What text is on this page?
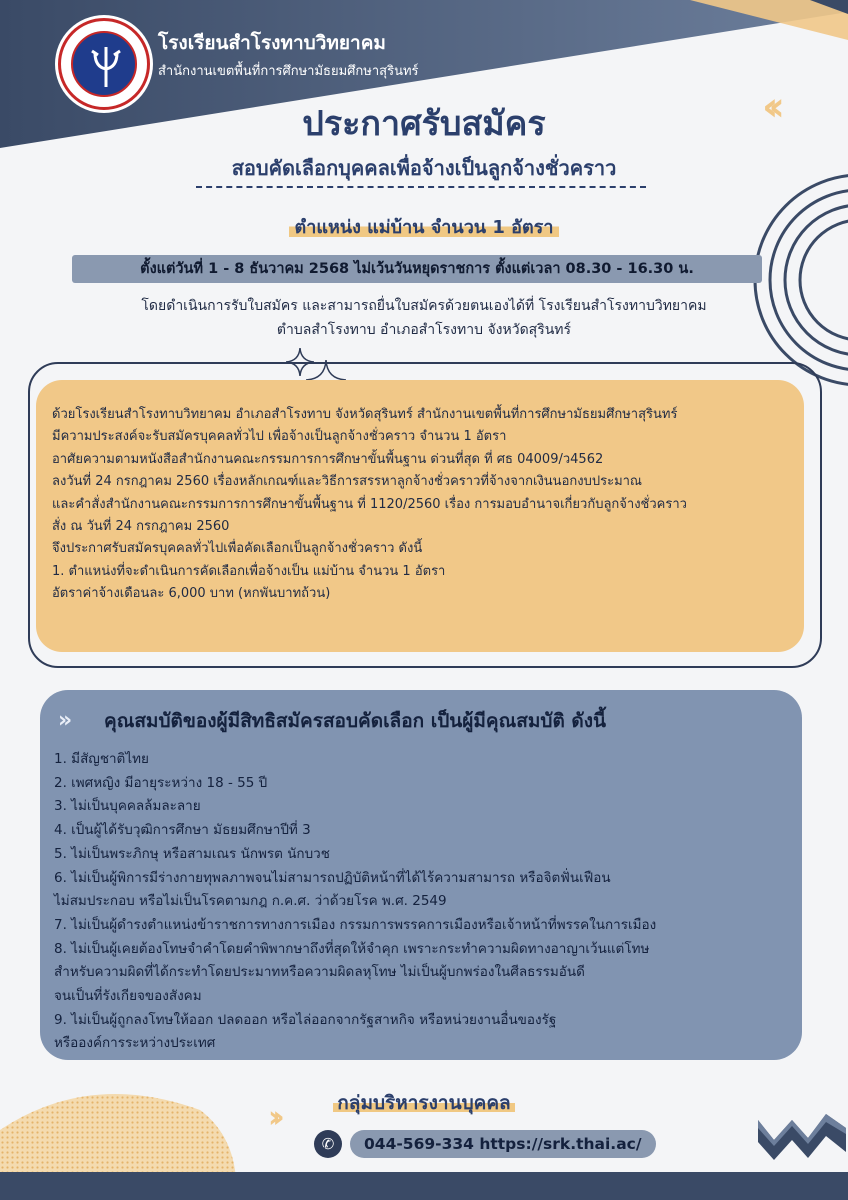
‹‹
โรงเรียนสำโรงทาบวิทยาคม
สำนักงานเขตพื้นที่การศึกษามัธยมศึกษาสุรินทร์
ประกาศรับสมัคร
สอบคัดเลือกบุคคลเพื่อจ้างเป็นลูกจ้างชั่วคราว
ตำแหน่ง แม่บ้าน จำนวน 1 อัตรา
ตั้งแต่วันที่ 1 - 8 ธันวาคม 2568 ไม่เว้นวันหยุดราชการ ตั้งแต่เวลา 08.30 - 16.30 น.
โดยดำเนินการรับใบสมัคร และสามารถยื่นใบสมัครด้วยตนเองได้ที่ โรงเรียนสำโรงทาบวิทยาคม
ตำบลสำโรงทาบ อำเภอสำโรงทาบ จังหวัดสุรินทร์
ด้วยโรงเรียนสำโรงทาบวิทยาคม อำเภอสำโรงทาบ จังหวัดสุรินทร์ สำนักงานเขตพื้นที่การศึกษามัธยมศึกษาสุรินทร์
มีความประสงค์จะรับสมัครบุคคลทั่วไป เพื่อจ้างเป็นลูกจ้างชั่วคราว จำนวน 1 อัตรา
อาศัยความตามหนังสือสำนักงานคณะกรรมการการศึกษาขั้นพื้นฐาน ด่วนที่สุด ที่ ศธ 04009/ว4562
ลงวันที่ 24 กรกฎาคม 2560 เรื่องหลักเกณฑ์และวิธีการสรรหาลูกจ้างชั่วคราวที่จ้างจากเงินนอกงบประมาณ
และคำสั่งสำนักงานคณะกรรมการการศึกษาขั้นพื้นฐาน ที่ 1120/2560 เรื่อง การมอบอำนาจเกี่ยวกับลูกจ้างชั่วคราว
สั่ง ณ วันที่ 24 กรกฎาคม 2560
จึงประกาศรับสมัครบุคคลทั่วไปเพื่อคัดเลือกเป็นลูกจ้างชั่วคราว ดังนี้
1. ตำแหน่งที่จะดำเนินการคัดเลือกเพื่อจ้างเป็น แม่บ้าน จำนวน 1 อัตรา
อัตราค่าจ้างเดือนละ 6,000 บาท (หกพันบาทถ้วน)
›› คุณสมบัติของผู้มีสิทธิสมัครสอบคัดเลือก เป็นผู้มีคุณสมบัติ ดังนี้
1. มีสัญชาติไทย
2. เพศหญิง มีอายุระหว่าง 18 - 55 ปี
3. ไม่เป็นบุคคลล้มละลาย
4. เป็นผู้ได้รับวุฒิการศึกษา มัธยมศึกษาปีที่ 3
5. ไม่เป็นพระภิกษุ หรือสามเณร นักพรต นักบวช
6. ไม่เป็นผู้พิการมีร่างกายทุพลภาพจนไม่สามารถปฏิบัติหน้าที่ได้ไร้ความสามารถ หรือจิตฟั่นเฟือน
ไม่สมประกอบ หรือไม่เป็นโรคตามกฎ ก.ค.ศ. ว่าด้วยโรค พ.ศ. 2549
7. ไม่เป็นผู้ดำรงตำแหน่งข้าราชการทางการเมือง กรรมการพรรคการเมืองหรือเจ้าหน้าที่พรรคในการเมือง
8. ไม่เป็นผู้เคยต้องโทษจำคำโดยคำพิพากษาถึงที่สุดให้จำคุก เพราะกระทำความผิดทางอาญาเว้นแต่โทษ
สำหรับความผิดที่ได้กระทำโดยประมาทหรือความผิดลหุโทษ ไม่เป็นผู้บกพร่องในศีลธรรมอันดี
จนเป็นที่รังเกียจของสังคม
9. ไม่เป็นผู้ถูกลงโทษให้ออก ปลดออก หรือไล่ออกจากรัฐสาหกิจ หรือหน่วยงานอื่นของรัฐ
หรือองค์การระหว่างประเทศ
››	กลุ่มบริหารงานบุคคล
✆	044-569-334 https://srk.thai.ac/
